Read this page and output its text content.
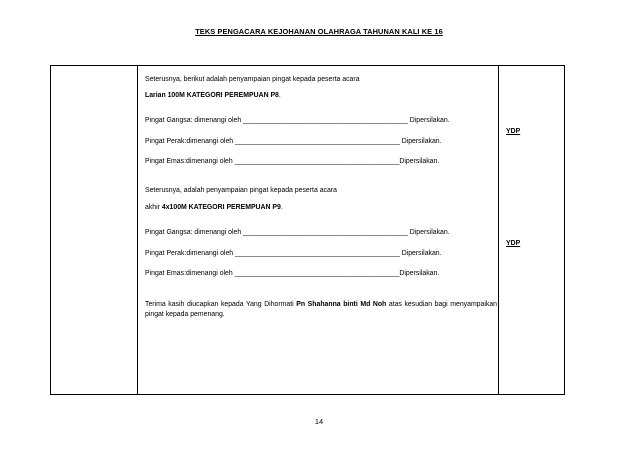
TEKS PENGACARA KEJOHANAN OLAHRAGA TAHUNAN KALI KE 16
Seterusnya, berikut adalah penyampaian pingat kepada peserta acara
Larian 100M KATEGORI PEREMPUAN P8.
Pingat Gangsa: dimenangi oleh ___________________________________________ Dipersilakan.
YDP
Pingat Perak:dimenangi oleh ___________________________________________ Dipersilakan.
Pingat Emas:dimenangi oleh ___________________________________________Dipersilakan.
Seterusnya, adalah penyampaian pingat kepada peserta acara
akhir 4x100M KATEGORI PEREMPUAN P9.
Pingat Gangsa: dimenangi oleh ___________________________________________ Dipersilakan.
YDP
Pingat Perak:dimenangi oleh ___________________________________________ Dipersilakan.
Pingat Emas:dimenangi oleh ___________________________________________Dipersilakan.
Terima kasih diucapkan kepada Yang Dihormati Pn Shahanna binti Md Noh atas kesudian bagi menyampaikan pingat kepada pemenang.
14
